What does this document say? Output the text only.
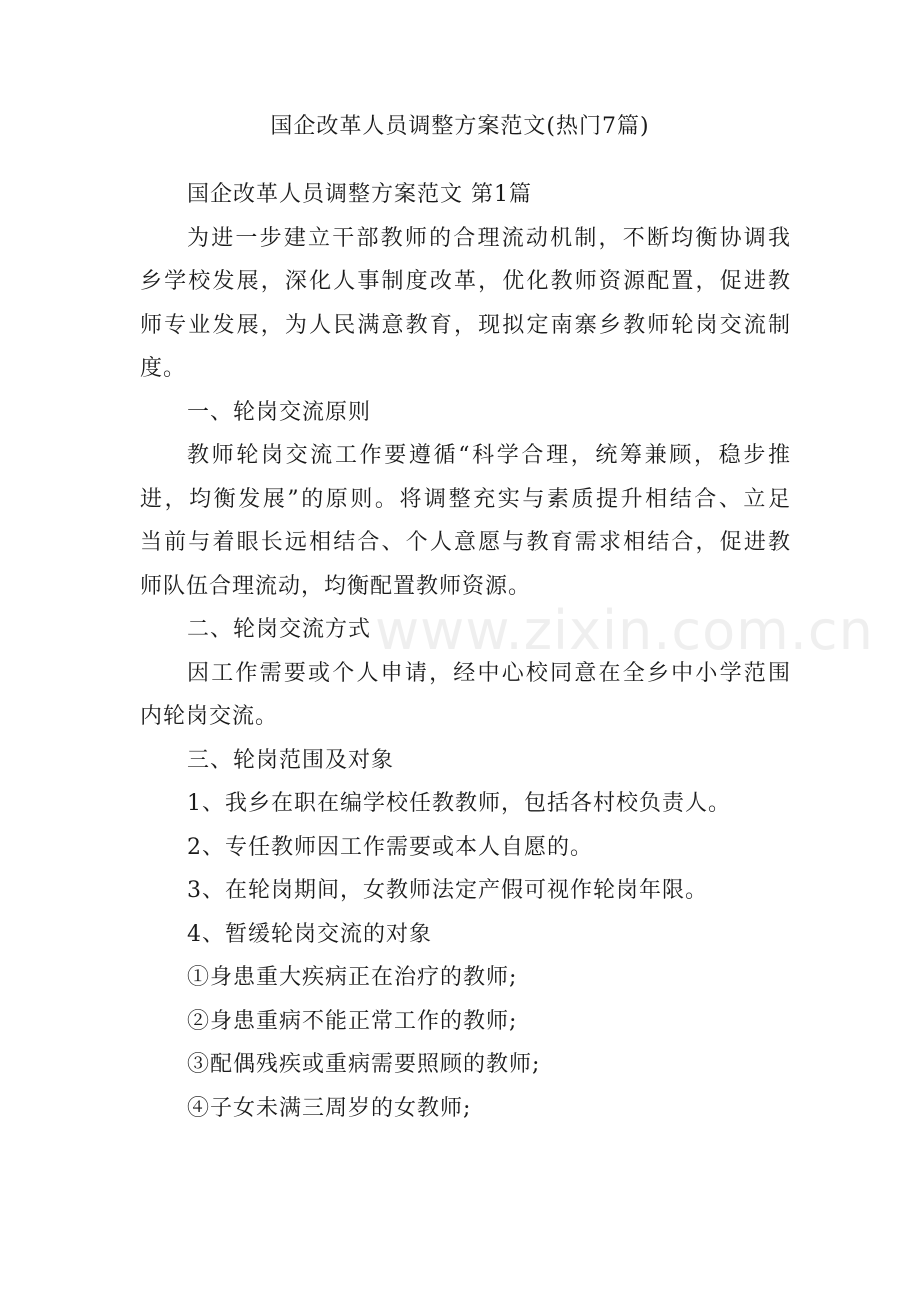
国企改革人员调整方案范文(热门7篇)
国企改革人员调整方案范文 第1篇
为进一步建立干部教师的合理流动机制，不断均衡协调我
乡学校发展，深化人事制度改革，优化教师资源配置，促进教
师专业发展，为人民满意教育，现拟定南寨乡教师轮岗交流制
度。
一、轮岗交流原则
教师轮岗交流工作要遵循“科学合理，统筹兼顾，稳步推
进，均衡发展”的原则。将调整充实与素质提升相结合、立足
当前与着眼长远相结合、个人意愿与教育需求相结合，促进教
师队伍合理流动，均衡配置教师资源。
二、轮岗交流方式
因工作需要或个人申请，经中心校同意在全乡中小学范围
内轮岗交流。
三、轮岗范围及对象
1、我乡在职在编学校任教教师，包括各村校负责人。
2、专任教师因工作需要或本人自愿的。
3、在轮岗期间，女教师法定产假可视作轮岗年限。
4、暂缓轮岗交流的对象
①身患重大疾病正在治疗的教师;
②身患重病不能正常工作的教师;
③配偶残疾或重病需要照顾的教师;
④子女未满三周岁的女教师;
www.zixin.com.cn
